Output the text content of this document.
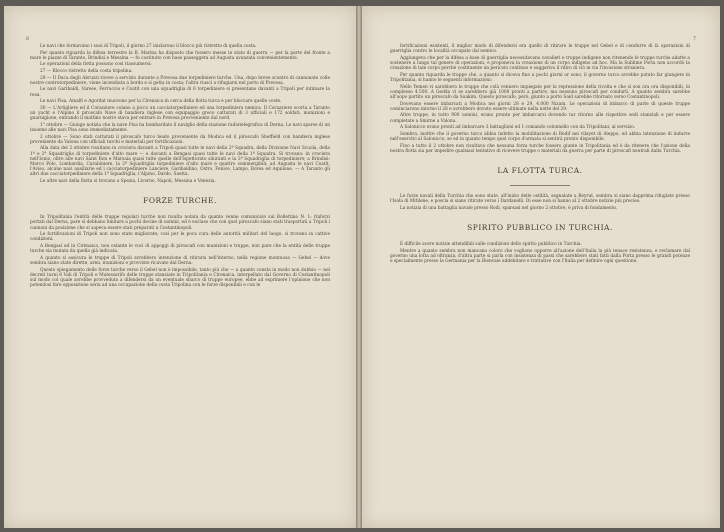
6

Le navi che formavano i suoi di Tripoli, il giorno 27 iniziarono il blocco più ristretto di quella costa.

Per quanto riguarda la difesa terrestre la R. Marina ha disposto che fossero messe in stato di guerra — per la parte del fronte a mare le piazze di Taranto, Brindisi e Messina — fu costituito con base passeggera ad Augusta avanzata convenientemente.

Le operazioni della flotta possono così riassumersi:

27 — Blocco ristretto della costa tripolina.

29 — Il Duca degli Abruzzi riceve a servizio durante a Prevesa due torpediniere turche. Una, dopo breve scontro di cannonate colle nostre controtorpediniere, viene incendiata a bordo e si getta in costa; l'altra riuscì a rifugiarsi nel porto di Prevesa.

Le navi Garibaldi, Varese, Ferruccio e Coatit con una squadriglia di 6 torpediniere si presentano davanti a Tripoli per intimare la resa.

Le navi Pisa, Amalfi e Agordat muovono per la Cirenaica in cerca della flotta turca e per bloccare quelle coste.

30 — L'Artigliere ed il Corazziere colano a picco un cacciatorpediniere ed una torpediniera nemica. Il Corazziere scorta a Taranto un yacht e l'Alpino il piroscafo Nave di bandiera inglese con equipaggio greco catturati di 3 ufficiali e 172 soldati, munizioni e guarnigione, entrando il mattino nostro stava per entrare in Prevesa provveniente dal nord.

1° ottobre — Giunge notizia che la nave Pisa ha bombardato il naviglio della stazione radiotelegrafica di Derna. Le navi sparse di un insieme alle navi Pisa sono immediatamente.

2 ottobre — Sono stati catturati il piroscafo turco beato proveniente da Modica ed il piroscafo Sheffield con bandiera inglese proveniente da Valona con ufficiali turchi e materiali per fortificazioni.

Alla data del 2 ottobre risultano in crociera davanti a Tripoli quasi tutte le navi della 2ª Squadra, della Divisione Navi Scuola, della 1ª e 2ª Squadriglia di torpediniere d'alto mare — e davanti a Bengasi quasi tutte le navi della 1ª Squadra. Si trovano: in crociera nell'Ionio, oltre alle navi Saint Bon e Marsaia quasi tutte quelle dell'Ispettorato siluranti e la 3ª Squadriglia di torpediniere; a Brindisi: Marco Polo, Lombardia, Carabiniere, la 2ª Squadriglia torpediniere d'alto mare e quattro sommergibili; ad Augusta le navi Coatit, l'Aviso, alcune navi ausiliarie ed i cacciatorpediniere Lanciere, Garibaldino, Ostro, Fenice, Lampo, Borea ed Aquilone. — A Taranto gli altri due cacciatorpediniere della 1ª Squadriglia, l'Alpino, Dardo, Saetta.

Le altre navi della flotta si trovano a Spezia, Livorno, Napoli, Messina e Venezia.

FORZE TURCHE.

In Tripolitania l'entità delle truppe regolari turche non risulta notata da quanto venne comunicato sul Bollettino N. 1: rinforzi portati dal Derna, pare si debbano limitare a pochi decine di uomini, ed è escluso che con quel piroscafo siano stati trasportati a Tripoli i cannoni da posizione che si sapeva essere stati preparati a Costantinopoli.

Le fortificazioni di Tripoli non sono state migliorate; così per le poca cura delle autorità militari del luogo, si trovano in cattive condizioni.

A Bengasi ed in Cirenaica, non ostante le voci di appoggi di piroscafi con munizioni e truppe, non pare che la entità delle truppe turche sia mutata da quella già indicata.

A quanto si assicura le truppe di Tripoli avrebbero intenzione di ritirarsi nell'interno, nella regione montuosa — Gebel — dove sembra siano state dirette, armi, munizioni e provviste ricavate dal Derna.

Questo spiegamento delle forze turche verso il Gebel non è impossibile, tanto più che — a quanto consta in modo non dubbio — nel decreti turni 6 Vali di Tripoli e Mutessarifo delle truppe stanziate in Tripolitania e Cirenaica, interpellato dal Governo di Costantinopoli sul modo col quale avrebbe provveduto a difendersi da un eventuale sbarco di truppe europee, ebbe ad esprimere l'opinione che non potendosi fare opposizione seria ad una occupazione della costa Tripolina con le forze disponibili e con le

7

fortificazioni esistenti, il miglior modo di difendersi era quello di ritirare le truppe nel Gebel e di condurre di là operazioni di guerriglia contro le località occupate dal nemico.

Aggiungeva che per la difesa a base di guerriglia necessitavano cavalieri e truppe indigene non ritenendo le truppe turche adatte a sostenere a lungo tal genere di operazioni, e proponeva la creazione di un corpo indigeno ad hoc. Ma la Sublime Porta non accordò la creazione di tale corpo perchè costituente un pericolo continuo e suggeriva il ritiro di ciò in via l'invasione straniera.

Per quanto riguarda le truppe che, a quanto si diceva fino a pochi giorni or sono, il governo turco avrebbe potuto far giungere in Tripolitania, si hanno le seguenti informazioni:

Nello Yemen vi sarebbero le truppe che colà vennero impiegate per la repressione della rivolta e che si son ora ora disponibili, in complesso 4.500. A Gedda vi se sarebbero già 1000 pronti a partire, ma nessuno piroscafi per condurli. A quanto sembra sarebbe all'uopo partito un piroscafo da Suakim. Questo piroscafo, però, giunto a porto Said sarebbe ritornato verso Costantinopoli.

Dovevano essere imbarcati a Modica nei giorni 28 e 29, 4.000 Nizam. Le operazioni di imbarco di parte di queste truppe cominciarono intorno il 28 e avrebbero dovuto essere ultimate nella notte del 29.

Altre truppe, in tutto 900 uomini, erano pronte per imbarcarsi dovendo tar ritorno alle rispettive sedi stanziali e per essere completate a Smirne a Valona.

A Salonicco erano pronti ad imbarcare 3 battaglioni ed 1 comando colonnello con da Tripolitani, al servizio.

Sembra, inoltre che il governo turco abbia indetto la mobilitazione di Redif nei vilayet di Aleppo, ed abbia intenzione di indurre nell'esercito al Salonicco, se ed in quanto tempo quel corpo d'armata si sentirà pronto disponibile.

Fino a tutto il 2 ottobre non risultava che nessuna forza turche fossero giunte in Tripolitania ed è da ritenere che l'azione della nostra flotta sia per impedire qualsiasi tentativo di ricevere truppe o materiali da guerra per parte di piroscafi neutrali dalla Turchia.

LA FLOTTA TURCA.

Le forze navali della Turchia che sono state, all'inizio delle ostilità, segnalate a Beyrut, sembra si siano dapprima rifugiate presso l'Isola di Mitilene, e poscia si siano ritirate verso i Dardanelli. Di esse non si hanno al 2 ottobre notizie più precise.

La notizia di una battaglia navale presso Rodi, sparsasi nel giorno 2 ottobre, è priva di fondamento.

SPIRITO PUBBLICO IN TURCHIA.

È difficile avere notizie attendibili sulle condizioni dello spirito pubblico in Turchia.

Mentre a quanto sembra non mancano coloro che vogliono opporre all'azione dell'Italia la più tenace resistenza, e reclamare dal governo una lotta ad oltranza, d'altra parte si parla con insistenza di passi che sarebbero stati fatti dalla Porta presso le grandi potenze e specialmente presso la Germania per la Bienvaie addebitare e trattative con l'Italia per definire ogni questione.
